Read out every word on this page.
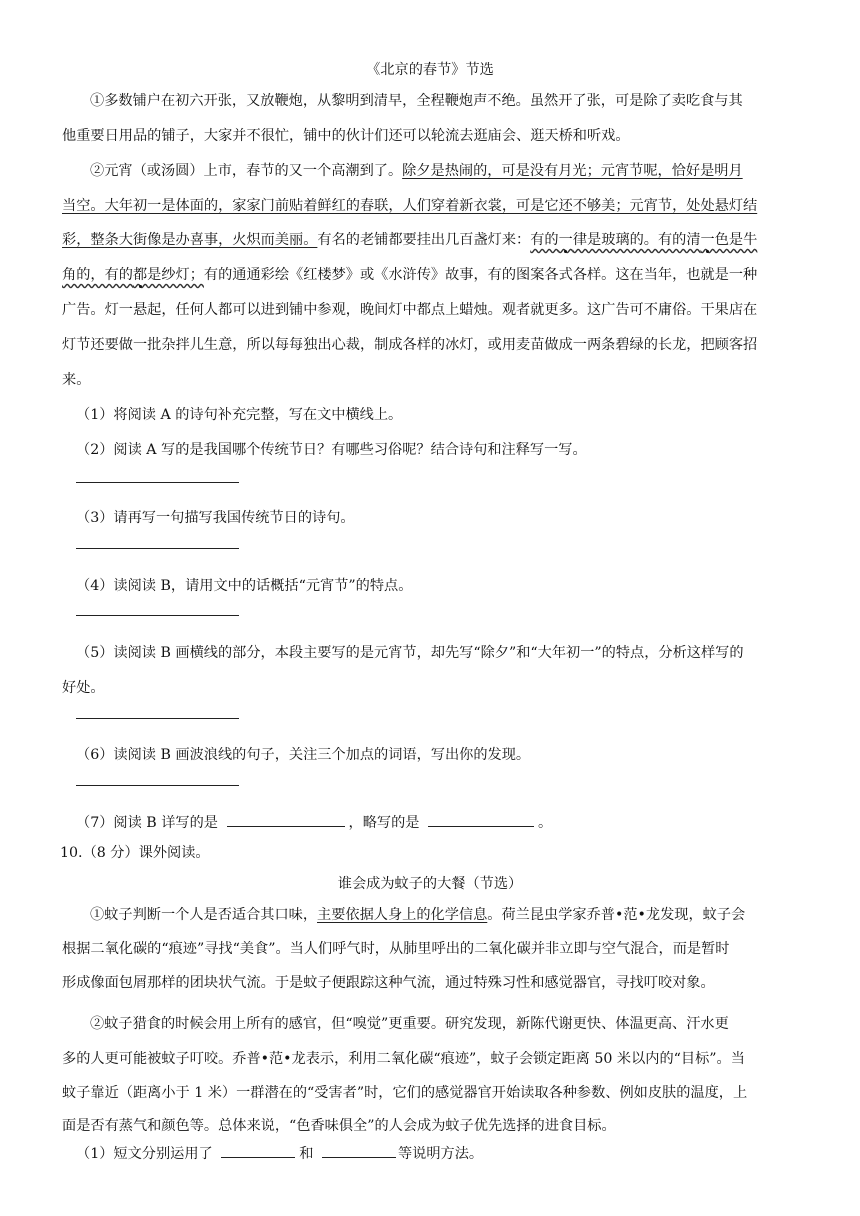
《北京的春节》节选
①多数铺户在初六开张，又放鞭炮，从黎明到清早，全程鞭炮声不绝。虽然开了张，可是除了卖吃食与其
他重要日用品的铺子，大家并不很忙，铺中的伙计们还可以轮流去逛庙会、逛天桥和听戏。
②元宵（或汤圆）上市，春节的又一个高潮到了。除夕是热闹的，可是没有月光；元宵节呢，恰好是明月
当空。大年初一是体面的，家家门前贴着鲜红的春联，人们穿着新衣裳，可是它还不够美；元宵节，处处悬灯结
彩，整条大街像是办喜事，火炽而美丽。有名的老铺都要挂出几百盏灯来：有的一律是玻璃的。有的清一色是牛
角的，有的都是纱灯；有的通通彩绘《红楼梦》或《水浒传》故事，有的图案各式各样。这在当年，也就是一种
广告。灯一悬起，任何人都可以进到铺中参观，晚间灯中都点上蜡烛。观者就更多。这广告可不庸俗。干果店在
灯节还要做一批杂拌儿生意，所以每每独出心裁，制成各样的冰灯，或用麦苗做成一两条碧绿的长龙，把顾客招
来。
（1）将阅读 A 的诗句补充完整，写在文中横线上。
（2）阅读 A 写的是我国哪个传统节日？有哪些习俗呢？结合诗句和注释写一写。
（3）请再写一句描写我国传统节日的诗句。
（4）读阅读 B，请用文中的话概括“元宵节”的特点。
（5）读阅读 B 画横线的部分，本段主要写的是元宵节，却先写“除夕”和“大年初一”的特点，分析这样写的
好处。
（6）读阅读 B 画波浪线的句子，关注三个加点的词语，写出你的发现。
（7）阅读 B 详写的是	，略写的是	。
10.（8 分）课外阅读。
谁会成为蚊子的大餐（节选）
①蚊子判断一个人是否适合其口味，主要依据人身上的化学信息。荷兰昆虫学家乔普•范•龙发现，蚊子会
根据二氧化碳的“痕迹”寻找“美食”。当人们呼气时，从肺里呼出的二氧化碳并非立即与空气混合，而是暂时
形成像面包屑那样的团块状气流。于是蚊子便跟踪这种气流，通过特殊习性和感觉器官，寻找叮咬对象。
②蚊子猎食的时候会用上所有的感官，但“嗅觉”更重要。研究发现，新陈代谢更快、体温更高、汗水更
多的人更可能被蚊子叮咬。乔普•范•龙表示，利用二氧化碳“痕迹”，蚊子会锁定距离 50 米以内的“目标”。当
蚊子靠近（距离小于 1 米）一群潜在的“受害者”时，它们的感觉器官开始读取各种参数、例如皮肤的温度，上
面是否有蒸气和颜色等。总体来说，“色香味俱全”的人会成为蚊子优先选择的进食目标。
（1）短文分别运用了	和	等说明方法。
